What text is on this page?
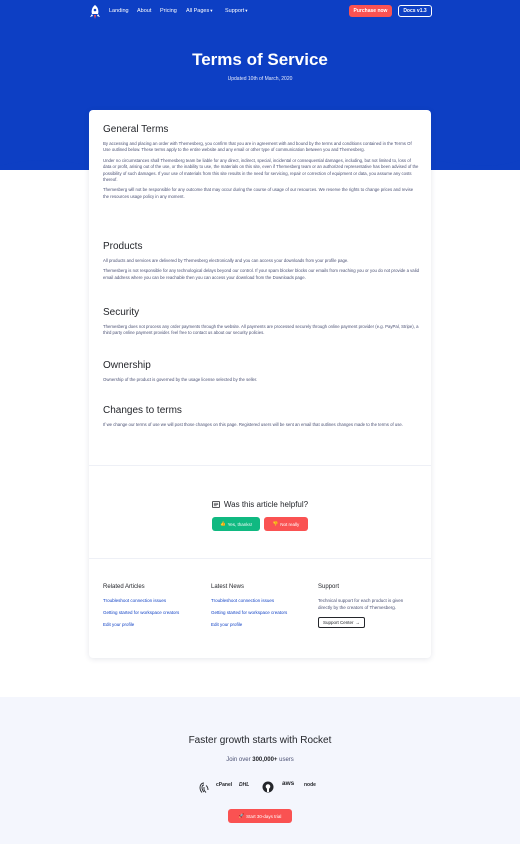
Landing About Pricing All Pages▾ Support▾	Purchase now	Docs v1.3
Terms of Service
Updated 10th of March, 2020
General Terms

By accessing and placing an order with Themesberg, you confirm that you are in agreement with and bound by the terms and conditions contained in the Terms Of Use outlined below. These terms apply to the entire website and any email or other type of communication between you and Themesberg.

Under no circumstances shall Themesberg team be liable for any direct, indirect, special, incidental or consequential damages, including, but not limited to, loss of data or profit, arising out of the use, or the inability to use, the materials on this site, even if Themesberg team or an authorized representative has been advised of the possibility of such damages. If your use of materials from this site results in the need for servicing, repair or correction of equipment or data, you assume any costs thereof.

Themesberg will not be responsible for any outcome that may occur during the course of usage of our resources. We reserve the rights to change prices and revise the resources usage policy in any moment.

Products

All products and services are delivered by Themesberg electronically and you can access your downloads from your profile page.

Themesberg is not responsible for any technological delays beyond our control. If your spam blocker blocks our emails from reaching you or you do not provide a valid email address where you can be reachable then you can access your download from the Downloads page.

Security

Themesberg does not process any order payments through the website. All payments are processed securely through online payment provider (e.g. PayPal, Stripe), a third party online payment provider. feel free to contact us about our security policies.

Ownership

Ownership of the product is governed by the usage license selected by the seller.

Changes to terms

If we change our terms of use we will post those changes on this page. Registered users will be sent an email that outlines changes made to the terms of use.

Was this article helpful?
👍 Yes, thanks!	👎 Not really
Related Articles
Troubleshoot connection issues
Getting started for workspace creators
Edit your profile
Latest News
Troubleshoot connection issues
Getting started for workspace creators
Edit your profile
Support
Technical support for each product is given directly by the creators of Themesberg.
Support Center →
Faster growth starts with Rocket
Join over 300,000+ users
cPanel DHL	aws node
🚀 Start 30-days trial
